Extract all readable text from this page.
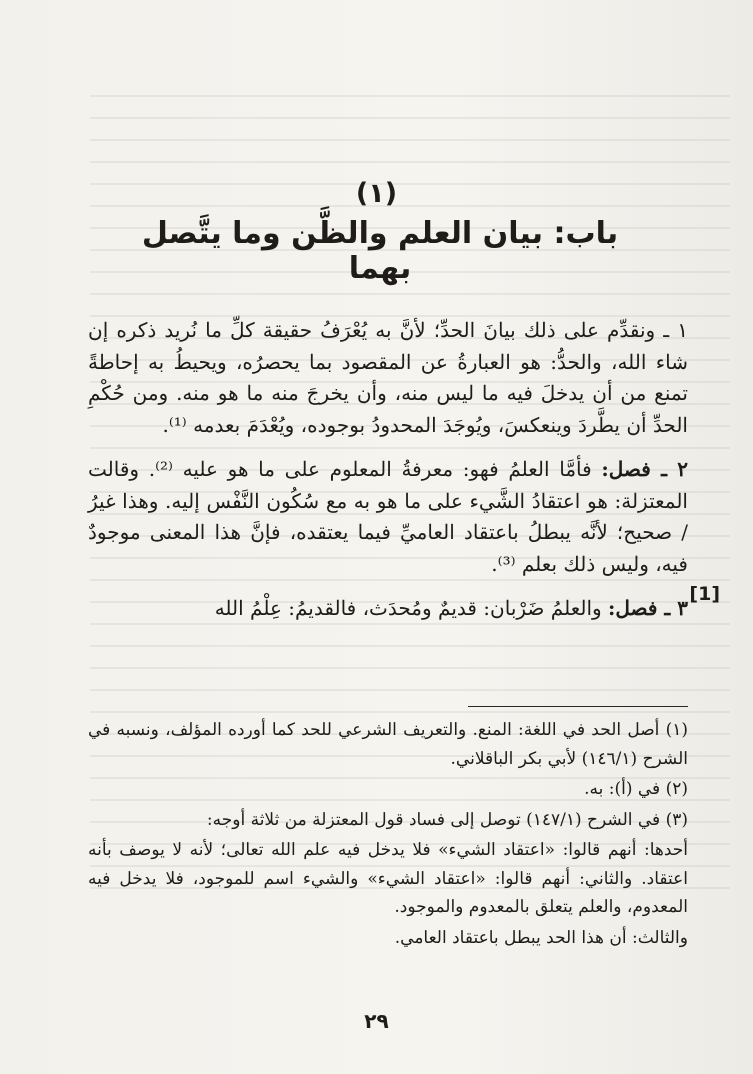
(١)
باب: بيان العلم والظَّن وما يتَّصل بهما

١ ـ ونقدِّم على ذلك بيانَ الحدِّ؛ لأنَّ به يُعْرَفُ حقيقة كلِّ ما نُريد ذكره إن شاء الله، والحدُّ: هو العبارةُ عن المقصود بما يحصرُه، ويحيطُ به إحاطةً تمنع من أن يدخلَ فيه ما ليس منه، وأن يخرجَ منه ما هو منه. ومن حُكْمِ الحدِّ أن يطَّردَ وينعكسَ، ويُوجَدَ المحدودُ بوجوده، ويُعْدَمَ بعدمه ⁽¹⁾.

٢ ـ فصل: فأمَّا العلمُ فهو: معرفةُ المعلوم على ما هو عليه ⁽²⁾. وقالت المعتزلة: هو اعتقادُ الشَّيء على ما هو به مع سُكُون النَّفْس إليه. وهذا غيرُ / صحيح؛ لأنَّه يبطلُ باعتقاد العاميِّ فيما يعتقده، فإنَّ هذا المعنى موجودٌ فيه، وليس ذلك بعلم ⁽³⁾.

٣ ـ فصل: والعلمُ ضَرْبان: قديمٌ ومُحدَث، فالقديمُ: عِلْمُ الله

[1]

(١) أصل الحد في اللغة: المنع. والتعريف الشرعي للحد كما أورده المؤلف، ونسبه في الشرح (١٤٦/١) لأبي بكر الباقلاني.

(٢) في (أ): به.

(٣) في الشرح (١٤٧/١) توصل إلى فساد قول المعتزلة من ثلاثة أوجه:

أحدها: أنهم قالوا: «اعتقاد الشيء» فلا يدخل فيه علم الله تعالى؛ لأنه لا يوصف بأنه اعتقاد. والثاني: أنهم قالوا: «اعتقاد الشيء» والشيء اسم للموجود، فلا يدخل فيه المعدوم، والعلم يتعلق بالمعدوم والموجود.

والثالث: أن هذا الحد يبطل باعتقاد العامي.

٢٩
